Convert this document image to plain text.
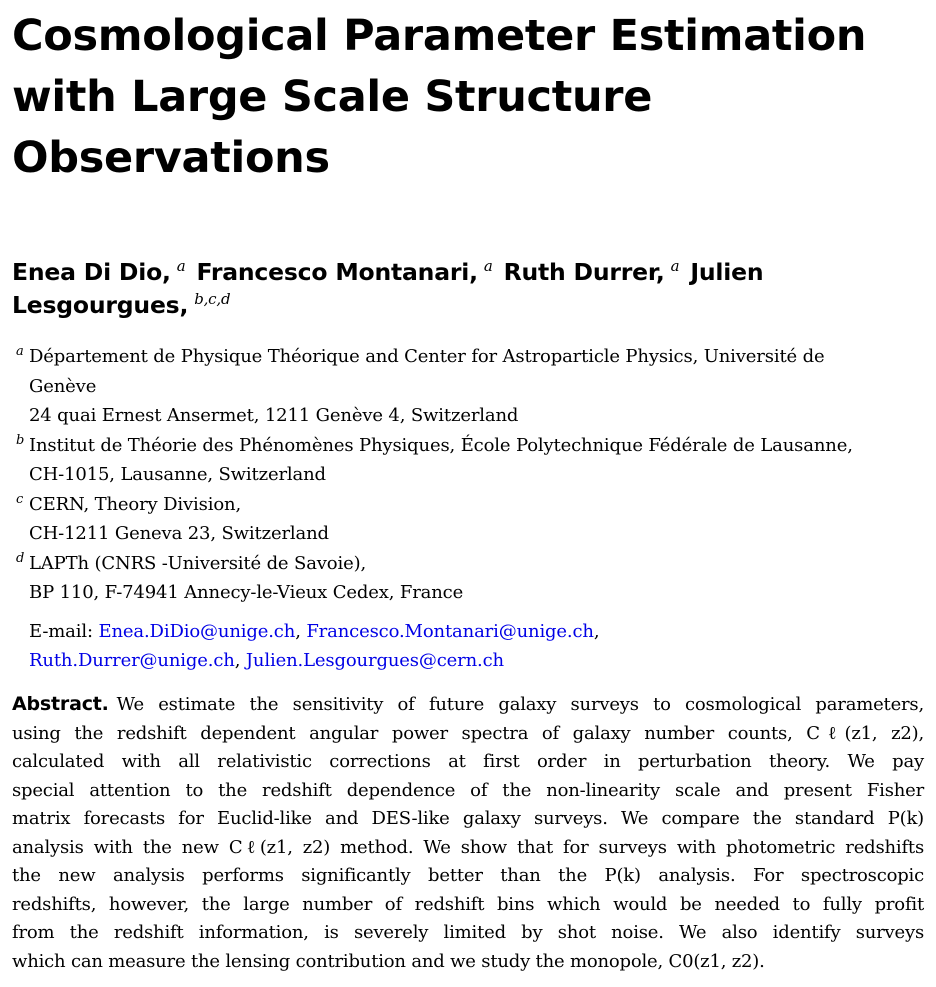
Cosmological Parameter Estimation
with Large Scale Structure
Observations
Enea Di Dio, $^a$ Francesco Montanari, $^a$ Ruth Durrer, $^a$ Julien
Lesgourgues, $^{b,c,d}$
a Département de Physique Théorique and Center for Astroparticle Physics, Université de
Genève
24 quai Ernest Ansermet, 1211 Genève 4, Switzerland
b Institut de Théorie des Phénomènes Physiques, École Polytechnique Fédérale de Lausanne,
CH-1015, Lausanne, Switzerland
c CERN, Theory Division,
CH-1211 Geneva 23, Switzerland
d LAPTh (CNRS -Université de Savoie),
BP 110, F-74941 Annecy-le-Vieux Cedex, France
E-mail: Enea.DiDio@unige.ch, Francesco.Montanari@unige.ch,
Ruth.Durrer@unige.ch, Julien.Lesgourgues@cern.ch
Abstract. We estimate the sensitivity of future galaxy surveys to cosmological parameters,
using the redshift dependent angular power spectra of galaxy number counts, Cℓ(z1, z2),
calculated with all relativistic corrections at first order in perturbation theory. We pay
special attention to the redshift dependence of the non-linearity scale and present Fisher
matrix forecasts for Euclid-like and DES-like galaxy surveys. We compare the standard P(k)
analysis with the new Cℓ(z1, z2) method. We show that for surveys with photometric redshifts
the new analysis performs significantly better than the P(k) analysis. For spectroscopic
redshifts, however, the large number of redshift bins which would be needed to fully profit
from the redshift information, is severely limited by shot noise. We also identify surveys
which can measure the lensing contribution and we study the monopole, C0(z1, z2).
